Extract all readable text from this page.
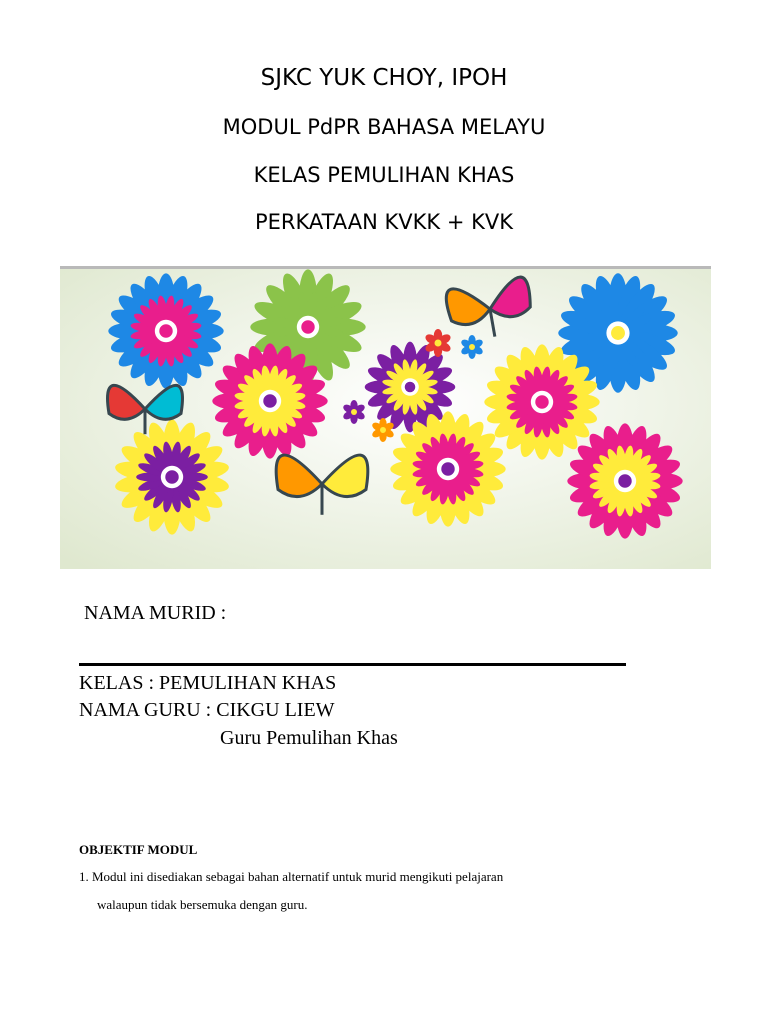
SJKC YUK CHOY, IPOH
MODUL PdPR BAHASA MELAYU
KELAS PEMULIHAN KHAS
PERKATAAN KVKK + KVK
NAMA MURID :
KELAS : PEMULIHAN KHAS
NAMA GURU : CIKGU LIEW
Guru Pemulihan Khas
OBJEKTIF MODUL
1. Modul ini disediakan sebagai bahan alternatif untuk murid mengikuti pelajaran
walaupun tidak bersemuka dengan guru.
